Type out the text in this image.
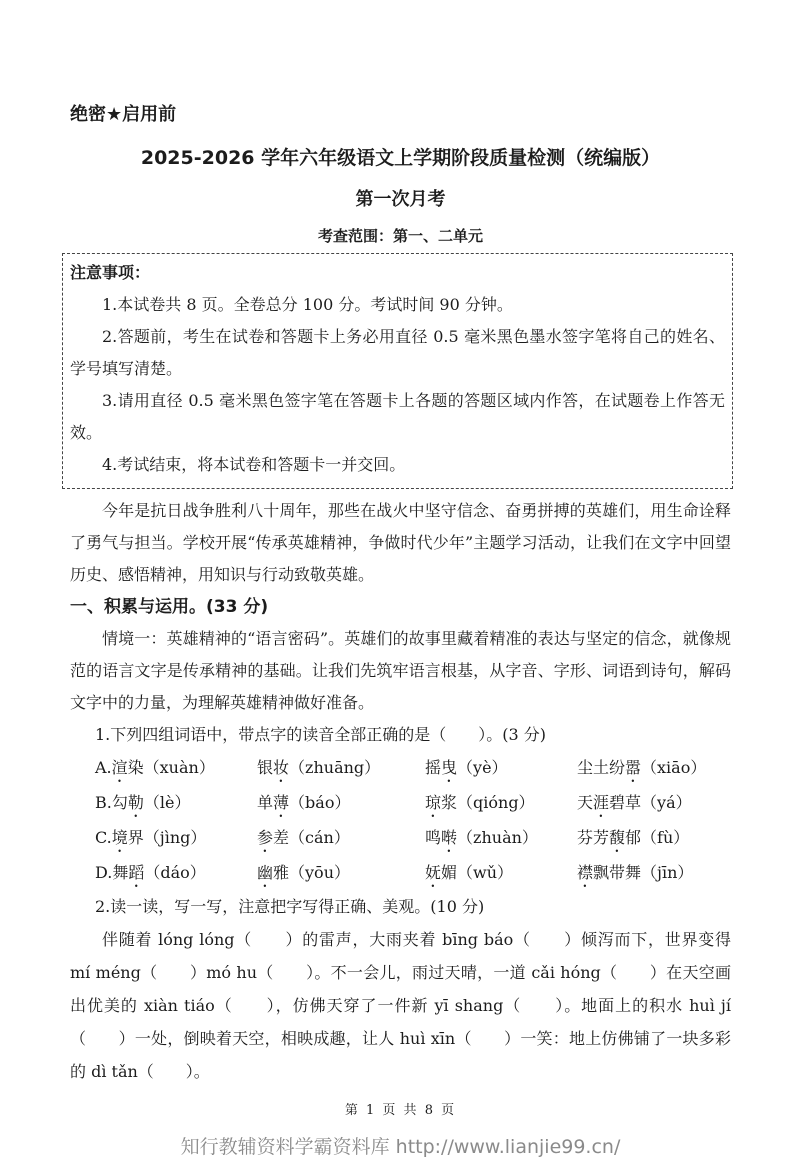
绝密★启用前

2025-2026 学年六年级语文上学期阶段质量检测（统编版）

第一次月考

考查范围：第一、二单元

注意事项：

1.本试卷共 8 页。全卷总分 100 分。考试时间 90 分钟。

2.答题前，考生在试卷和答题卡上务必用直径 0.5 毫米黑色墨水签字笔将自己的姓名、学号填写清楚。

3.请用直径 0.5 毫米黑色签字笔在答题卡上各题的答题区域内作答，在试题卷上作答无效。

4.考试结束，将本试卷和答题卡一并交回。

今年是抗日战争胜利八十周年，那些在战火中坚守信念、奋勇拼搏的英雄们，用生命诠释了勇气与担当。学校开展“传承英雄精神，争做时代少年”主题学习活动，让我们在文字中回望历史、感悟精神，用知识与行动致敬英雄。

一、积累与运用。(33 分)

情境一：英雄精神的“语言密码”。英雄们的故事里藏着精准的表达与坚定的信念，就像规范的语言文字是传承精神的基础。让我们先筑牢语言根基，从字音、字形、词语到诗句，解码文字中的力量，为理解英雄精神做好准备。

1.下列四组词语中，带点字的读音全部正确的是（　　）。(3 分)

A.渲染（xuàn）	银妆（zhuāng）	摇曳（yè）	尘土纷嚣（xiāo）
B.勾勒（lè）	单薄（báo）	琼浆（qióng）	天涯碧草（yá）
C.境界（jìng）	参差（cán）	鸣啭（zhuàn）	芬芳馥郁（fù）
D.舞蹈（dáo）	幽雅（yōu）	妩媚（wǔ）	襟飘带舞（jīn）

2.读一读，写一写，注意把字写得正确、美观。(10 分)

伴随着 lóng lóng（　　）的雷声，大雨夹着 bīng báo（　　）倾泻而下，世界变得 mí méng（　　）mó hu（　　）。不一会儿，雨过天晴，一道 cǎi hóng（　　）在天空画出优美的 xiàn tiáo（　　），仿佛天穿了一件新 yī shang（　　）。地面上的积水 huì jí（　　）一处，倒映着天空，相映成趣，让人 huì xīn（　　）一笑：地上仿佛铺了一块多彩的 dì tǎn（　　）。

第 1 页 共 8 页

知行教辅资料学霸资料库 http://www.lianjie99.cn/
